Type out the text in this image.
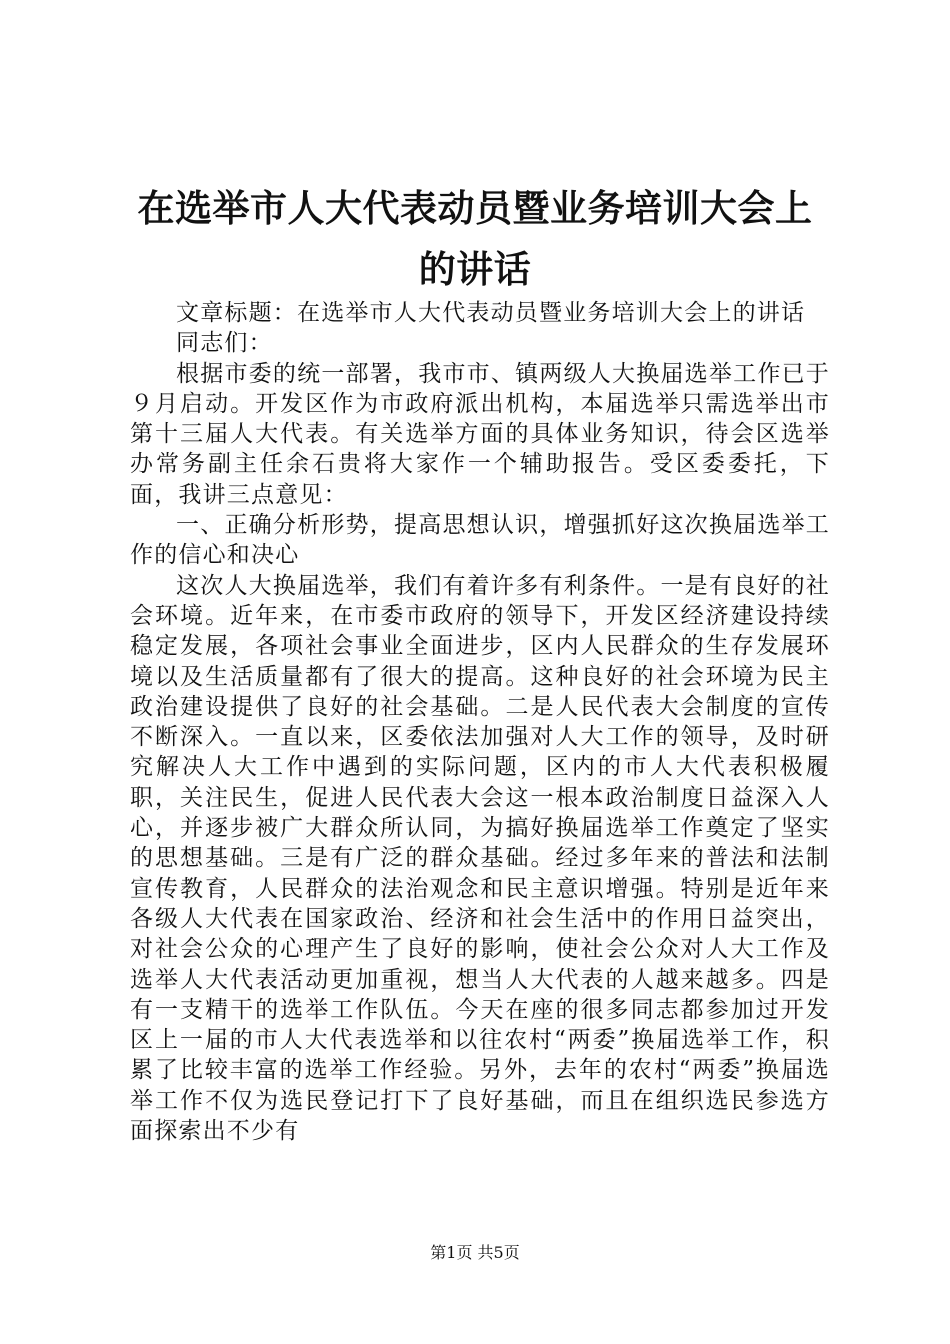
在选举市人大代表动员暨业务培训大会上的讲话

文章标题：在选举市人大代表动员暨业务培训大会上的讲话

同志们：

根据市委的统一部署，我市市、镇两级人大换届选举工作已于９月启动。开发区作为市政府派出机构，本届选举只需选举出市第十三届人大代表。有关选举方面的具体业务知识，待会区选举办常务副主任余石贵将大家作一个辅助报告。受区委委托，下面，我讲三点意见：

一、正确分析形势，提高思想认识，增强抓好这次换届选举工作的信心和决心

这次人大换届选举，我们有着许多有利条件。一是有良好的社会环境。近年来，在市委市政府的领导下，开发区经济建设持续稳定发展，各项社会事业全面进步，区内人民群众的生存发展环境以及生活质量都有了很大的提高。这种良好的社会环境为民主政治建设提供了良好的社会基础。二是人民代表大会制度的宣传不断深入。一直以来，区委依法加强对人大工作的领导，及时研究解决人大工作中遇到的实际问题，区内的市人大代表积极履职，关注民生，促进人民代表大会这一根本政治制度日益深入人心，并逐步被广大群众所认同，为搞好换届选举工作奠定了坚实的思想基础。三是有广泛的群众基础。经过多年来的普法和法制宣传教育，人民群众的法治观念和民主意识增强。特别是近年来各级人大代表在国家政治、经济和社会生活中的作用日益突出，对社会公众的心理产生了良好的影响，使社会公众对人大工作及选举人大代表活动更加重视，想当人大代表的人越来越多。四是有一支精干的选举工作队伍。今天在座的很多同志都参加过开发区上一届的市人大代表选举和以往农村“两委”换届选举工作，积累了比较丰富的选举工作经验。另外，去年的农村“两委”换届选举工作不仅为选民登记打下了良好基础，而且在组织选民参选方面探索出不少有

第1页 共5页
